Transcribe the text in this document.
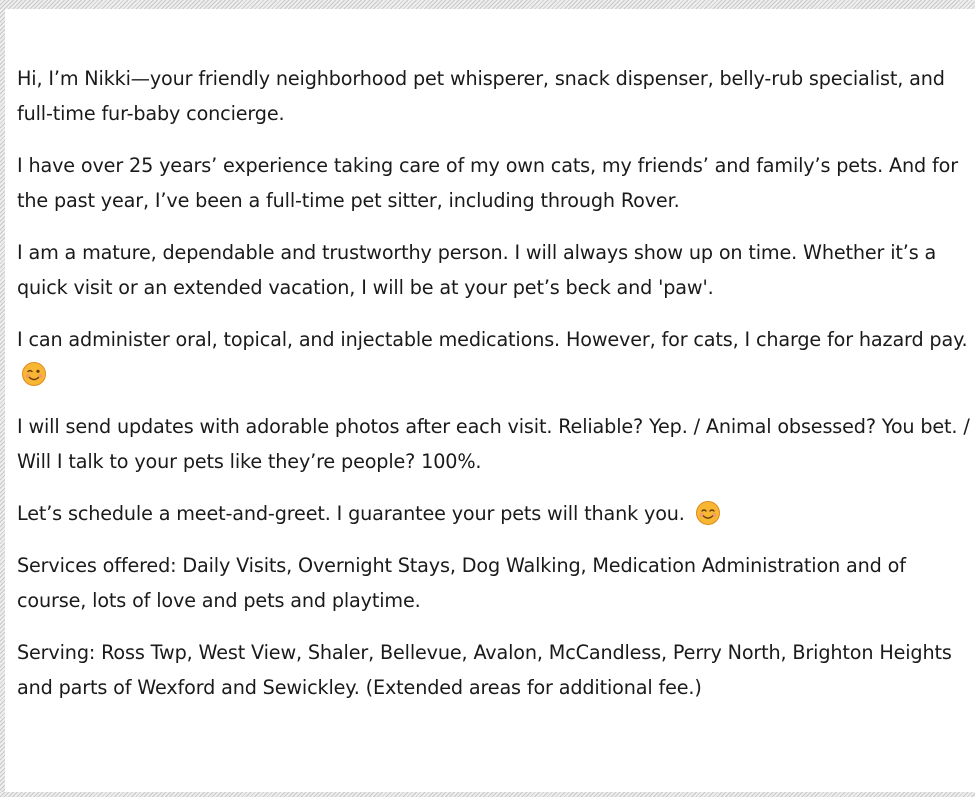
Hi, I’m Nikki—your friendly neighborhood pet whisperer, snack dispenser, belly-rub specialist, and full-time fur-baby concierge.

I have over 25 years’ experience taking care of my own cats, my friends’ and family’s pets. And for the past year, I’ve been a full-time pet sitter, including through Rover.

I am a mature, dependable and trustworthy person. I will always show up on time. Whether it’s a quick visit or an extended vacation, I will be at your pet’s beck and 'paw'.

I can administer oral, topical, and injectable medications. However, for cats, I charge for hazard pay.

I will send updates with adorable photos after each visit. Reliable? Yep. / Animal obsessed? You bet. / Will I talk to your pets like they’re people? 100%.

Let’s schedule a meet-and-greet. I guarantee your pets will thank you.

Services offered: Daily Visits, Overnight Stays, Dog Walking, Medication Administration and of course, lots of love and pets and playtime.

Serving: Ross Twp, West View, Shaler, Bellevue, Avalon, McCandless, Perry North, Brighton Heights and parts of Wexford and Sewickley. (Extended areas for additional fee.)
